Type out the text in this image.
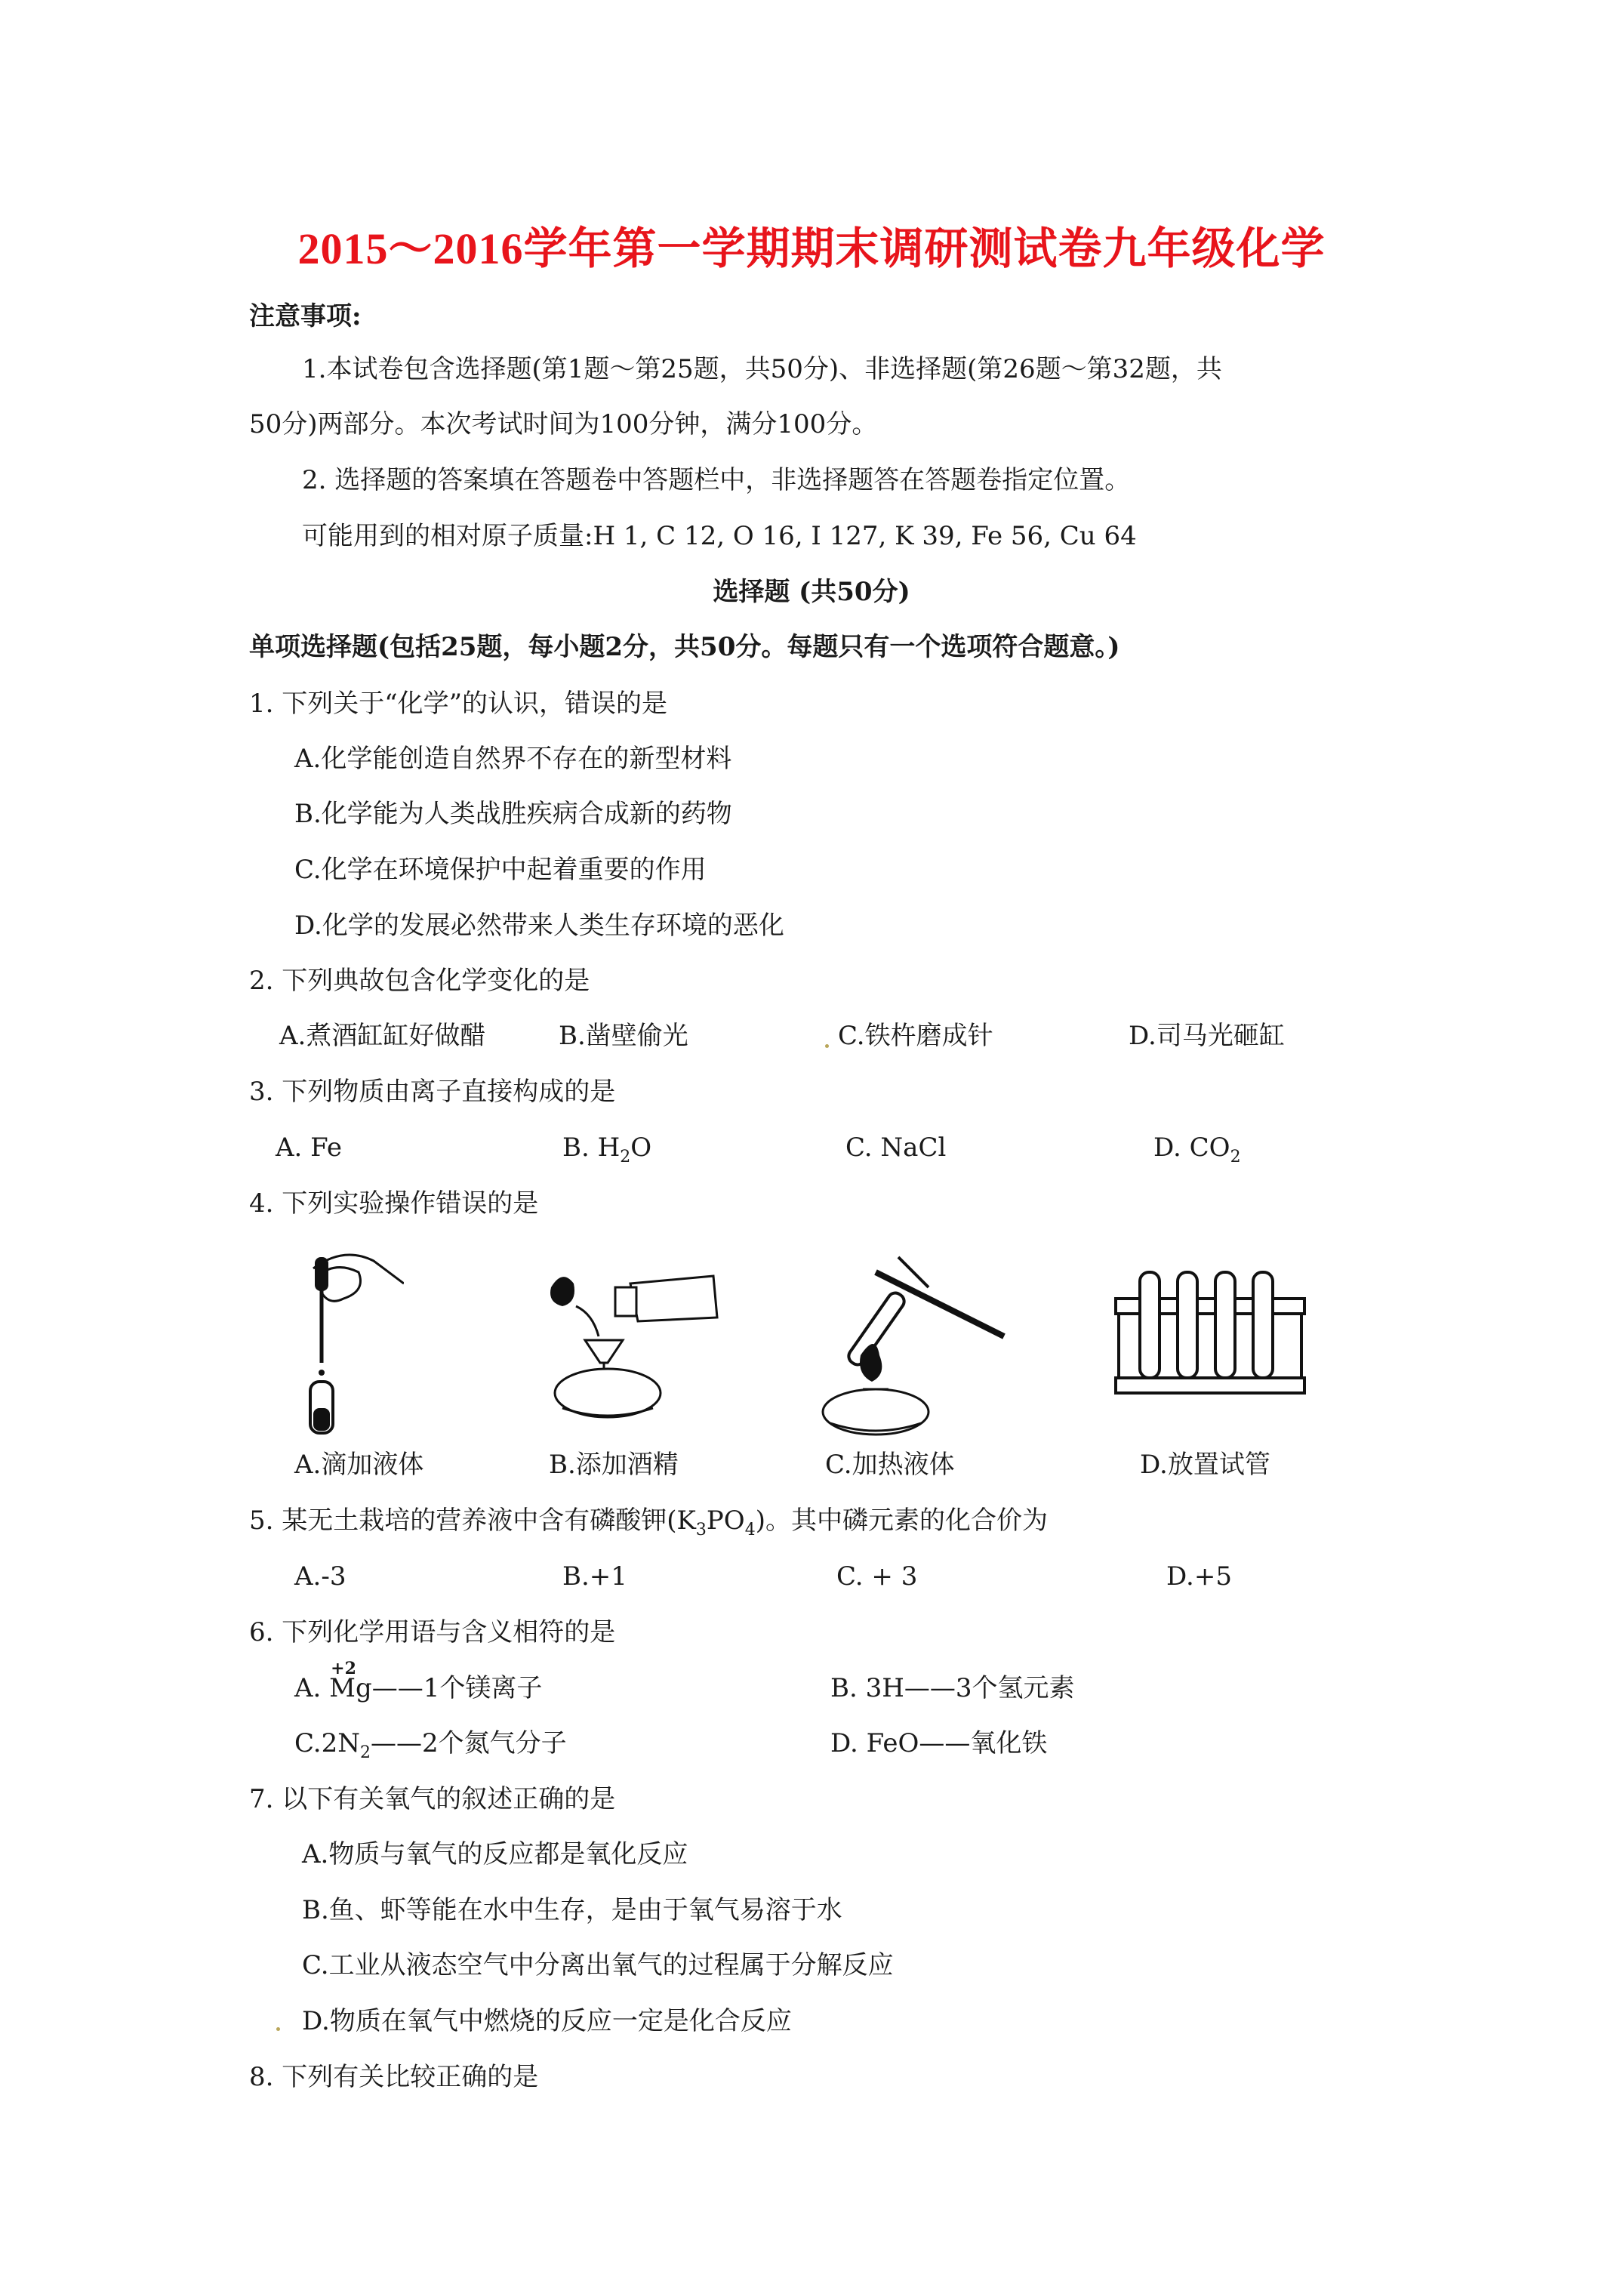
2015～2016学年第一学期期末调研测试卷九年级化学
注意事项:
1.本试卷包含选择题(第1题～第25题，共50分)、非选择题(第26题～第32题，共
50分)两部分。本次考试时间为100分钟，满分100分。
2. 选择题的答案填在答题卷中答题栏中，非选择题答在答题卷指定位置。
可能用到的相对原子质量:H 1, C 12, O 16, I 127, K 39, Fe 56, Cu 64
选择题 (共50分)
单项选择题(包括25题，每小题2分，共50分。每题只有一个选项符合题意。)
1. 下列关于“化学”的认识，错误的是
A.化学能创造自然界不存在的新型材料
B.化学能为人类战胜疾病合成新的药物
C.化学在环境保护中起着重要的作用
D.化学的发展必然带来人类生存环境的恶化
2. 下列典故包含化学变化的是
A.煮酒缸缸好做醋	B.凿壁偷光	C.铁杵磨成针	D.司马光砸缸
3. 下列物质由离子直接构成的是
A. Fe	B. $H_2O$	C. NaCl	D. $CO_2$
4. 下列实验操作错误的是
A.滴加液体	B.添加酒精	C.加热液体	D.放置试管
5. 某无土栽培的营养液中含有磷酸钾$(K_3PO_4)$。其中磷元素的化合价为
A.-3	B.+1	C. + 3	D.+5
6. 下列化学用语与含义相符的是
A.
+2
Mg——1个镁离子	B. 3H——3个氢元素
$C.2N_2——2$个氮气分子	D. FeO——氧化铁
7. 以下有关氧气的叙述正确的是
A.物质与氧气的反应都是氧化反应
B.鱼、虾等能在水中生存，是由于氧气易溶于水
C.工业从液态空气中分离出氧气的过程属于分解反应
D.物质在氧气中燃烧的反应一定是化合反应
8. 下列有关比较正确的是
